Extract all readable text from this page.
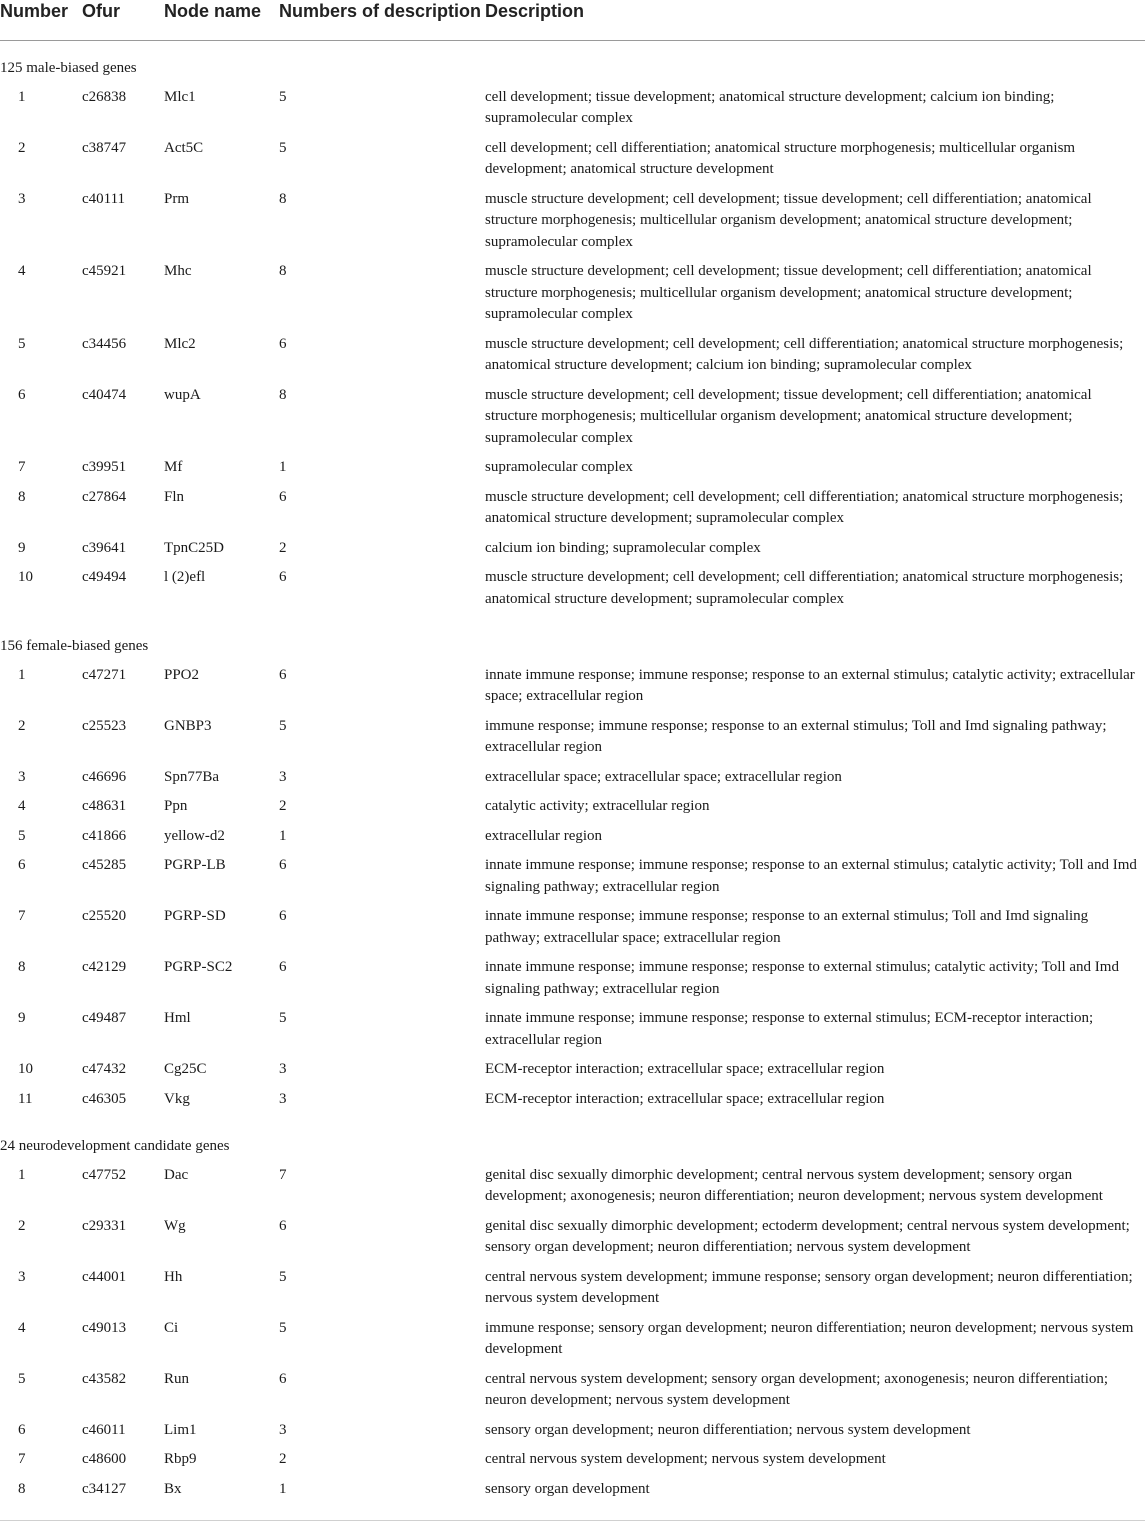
Number	Ofur	Node name	Numbers of description	Description
125 male-biased genes				
1	c26838	Mlc1	5	cell development; tissue development; anatomical structure development; calcium ion binding; supramolecular complex
2	c38747	Act5C	5	cell development; cell differentiation; anatomical structure morphogenesis; multicellular organism development; anatomical structure development
3	c40111	Prm	8	muscle structure development; cell development; tissue development; cell differentiation; anatomical structure morphogenesis; multicellular organism development; anatomical structure development; supramolecular complex
4	c45921	Mhc	8	muscle structure development; cell development; tissue development; cell differentiation; anatomical structure morphogenesis; multicellular organism development; anatomical structure development; supramolecular complex
5	c34456	Mlc2	6	muscle structure development; cell development; cell differentiation; anatomical structure morphogenesis; anatomical structure development; calcium ion binding; supramolecular complex
6	c40474	wupA	8	muscle structure development; cell development; tissue development; cell differentiation; anatomical structure morphogenesis; multicellular organism development; anatomical structure development; supramolecular complex
7	c39951	Mf	1	supramolecular complex
8	c27864	Fln	6	muscle structure development; cell development; cell differentiation; anatomical structure morphogenesis; anatomical structure development; supramolecular complex
9	c39641	TpnC25D	2	calcium ion binding; supramolecular complex
10	c49494	l (2)efl	6	muscle structure development; cell development; cell differentiation; anatomical structure morphogenesis; anatomical structure development; supramolecular complex
156 female-biased genes				
1	c47271	PPO2	6	innate immune response; immune response; response to an external stimulus; catalytic activity; extracellular space; extracellular region
2	c25523	GNBP3	5	immune response; immune response; response to an external stimulus; Toll and Imd signaling pathway; extracellular region
3	c46696	Spn77Ba	3	extracellular space; extracellular space; extracellular region
4	c48631	Ppn	2	catalytic activity; extracellular region
5	c41866	yellow-d2	1	extracellular region
6	c45285	PGRP-LB	6	innate immune response; immune response; response to an external stimulus; catalytic activity; Toll and Imd signaling pathway; extracellular region
7	c25520	PGRP-SD	6	innate immune response; immune response; response to an external stimulus; Toll and Imd signaling pathway; extracellular space; extracellular region
8	c42129	PGRP-SC2	6	innate immune response; immune response; response to external stimulus; catalytic activity; Toll and Imd signaling pathway; extracellular region
9	c49487	Hml	5	innate immune response; immune response; response to external stimulus; ECM-receptor interaction; extracellular region
10	c47432	Cg25C	3	ECM-receptor interaction; extracellular space; extracellular region
11	c46305	Vkg	3	ECM-receptor interaction; extracellular space; extracellular region
24 neurodevelopment candidate genes				
1	c47752	Dac	7	genital disc sexually dimorphic development; central nervous system development; sensory organ development; axonogenesis; neuron differentiation; neuron development; nervous system development
2	c29331	Wg	6	genital disc sexually dimorphic development; ectoderm development; central nervous system development; sensory organ development; neuron differentiation; nervous system development
3	c44001	Hh	5	central nervous system development; immune response; sensory organ development; neuron differentiation; nervous system development
4	c49013	Ci	5	immune response; sensory organ development; neuron differentiation; neuron development; nervous system development
5	c43582	Run	6	central nervous system development; sensory organ development; axonogenesis; neuron differentiation; neuron development; nervous system development
6	c46011	Lim1	3	sensory organ development; neuron differentiation; nervous system development
7	c48600	Rbp9	2	central nervous system development; nervous system development
8	c34127	Bx	1	sensory organ development
